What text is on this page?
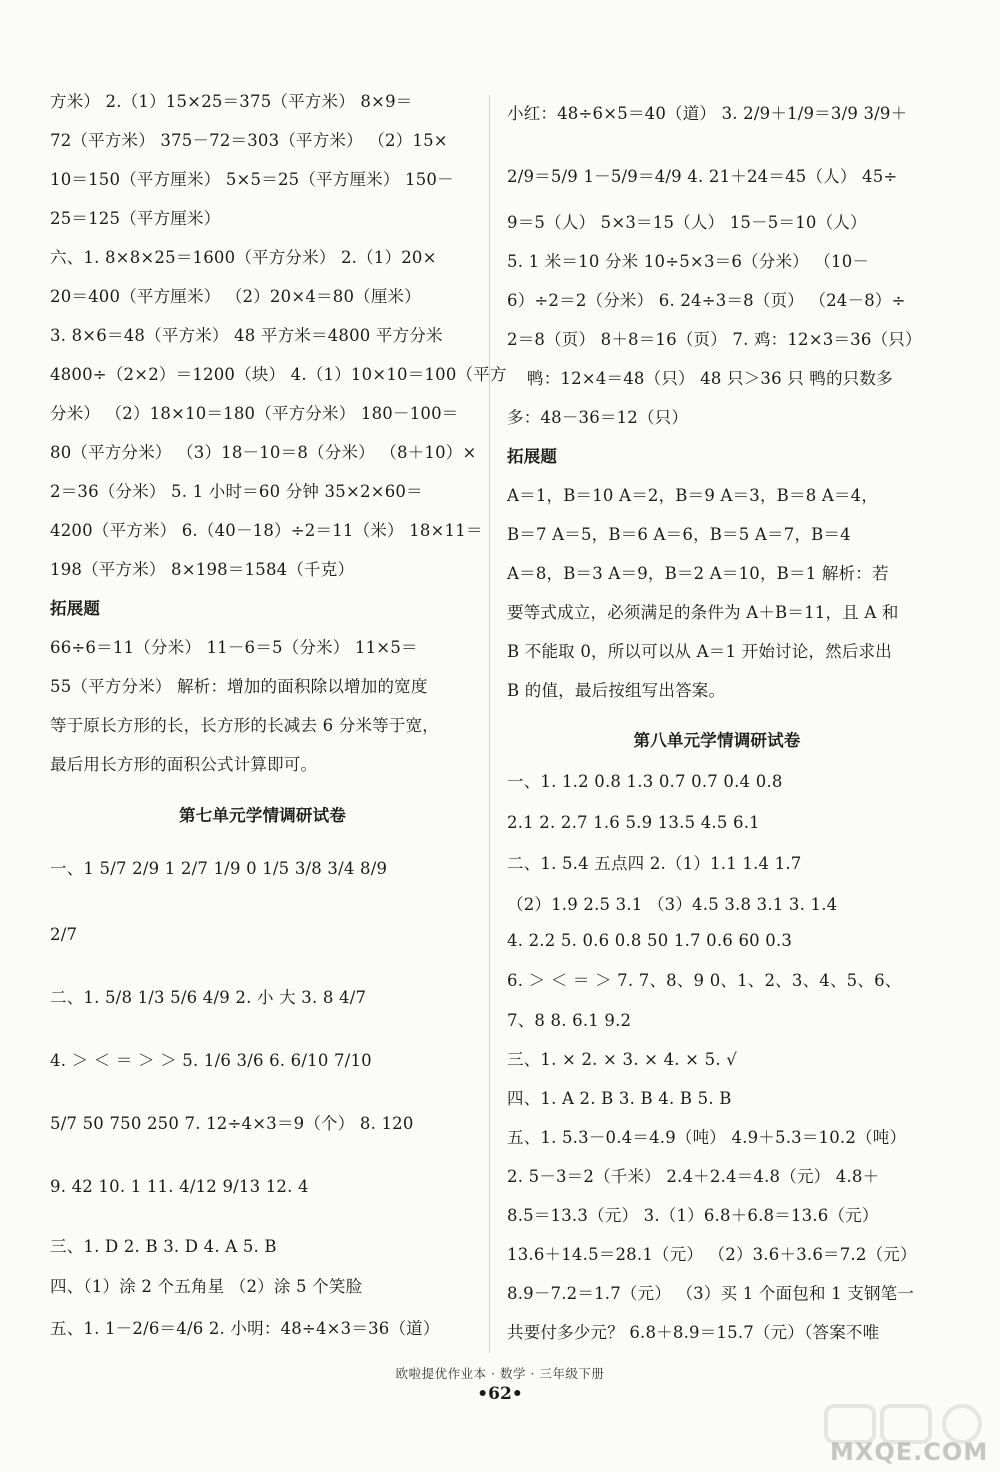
方米） 2.（1）15×25＝375（平方米） 8×9＝
72（平方米） 375－72＝303（平方米） （2）15×
10＝150（平方厘米） 5×5＝25（平方厘米） 150－
25＝125（平方厘米）
六、1. 8×8×25＝1600（平方分米） 2.（1）20×
20＝400（平方厘米） （2）20×4＝80（厘米）
3. 8×6＝48（平方米） 48 平方米＝4800 平方分米
4800÷（2×2）＝1200（块） 4.（1）10×10＝100（平方
分米） （2）18×10＝180（平方分米） 180－100＝
80（平方分米） （3）18－10＝8（分米） （8＋10）×
2＝36（分米） 5. 1 小时＝60 分钟 35×2×60＝
4200（平方米） 6.（40－18）÷2＝11（米） 18×11＝
198（平方米） 8×198＝1584（千克）
拓展题
66÷6＝11（分米） 11－6＝5（分米） 11×5＝
55（平方分米） 解析：增加的面积除以增加的宽度
等于原长方形的长，长方形的长减去 6 分米等于宽，
最后用长方形的面积公式计算即可。
第七单元学情调研试卷
一、1 5/7 2/9 1 2/7 1/9 0 1/5 3/8 3/4 8/9
2/7
二、1. 5/8 1/3 5/6 4/9 2. 小 大 3. 8 4/7
4. ＞ ＜ ＝ ＞ ＞ 5. 1/6 3/6 6. 6/10 7/10
5/7 50 750 250 7. 12÷4×3＝9（个） 8. 120
9. 42 10. 1 11. 4/12 9/13 12. 4
三、1. D 2. B 3. D 4. A 5. B
四、（1）涂 2 个五角星 （2）涂 5 个笑脸
五、1. 1－2/6＝4/6 2. 小明：48÷4×3＝36（道）
小红：48÷6×5＝40（道） 3. 2/9＋1/9＝3/9 3/9＋
2/9＝5/9 1－5/9＝4/9 4. 21＋24＝45（人） 45÷
9＝5（人） 5×3＝15（人） 15－5＝10（人）
5. 1 米＝10 分米 10÷5×3＝6（分米） （10－
6）÷2＝2（分米） 6. 24÷3＝8（页） （24－8）÷
2＝8（页） 8＋8＝16（页） 7. 鸡：12×3＝36（只）
鸭：12×4＝48（只） 48 只＞36 只 鸭的只数多
多：48－36＝12（只）
拓展题
A＝1，B＝10 A＝2，B＝9 A＝3，B＝8 A＝4，
B＝7 A＝5，B＝6 A＝6，B＝5 A＝7，B＝4
A＝8，B＝3 A＝9，B＝2 A＝10，B＝1 解析：若
要等式成立，必须满足的条件为 A＋B＝11，且 A 和
B 不能取 0，所以可以从 A＝1 开始讨论，然后求出
B 的值，最后按组写出答案。
第八单元学情调研试卷
一、1. 1.2 0.8 1.3 0.7 0.7 0.4 0.8
2.1 2. 2.7 1.6 5.9 13.5 4.5 6.1
二、1. 5.4 五点四 2.（1）1.1 1.4 1.7
（2）1.9 2.5 3.1 （3）4.5 3.8 3.1 3. 1.4
4. 2.2 5. 0.6 0.8 50 1.7 0.6 60 0.3
6. ＞ ＜ ＝ ＞ 7. 7、8、9 0、1、2、3、4、5、6、
7、8 8. 6.1 9.2
三、1. × 2. × 3. × 4. × 5. √
四、1. A 2. B 3. B 4. B 5. B
五、1. 5.3－0.4＝4.9（吨） 4.9＋5.3＝10.2（吨）
2. 5－3＝2（千米） 2.4＋2.4＝4.8（元） 4.8＋
8.5＝13.3（元） 3.（1）6.8＋6.8＝13.6（元）
13.6＋14.5＝28.1（元） （2）3.6＋3.6＝7.2（元）
8.9－7.2＝1.7（元） （3）买 1 个面包和 1 支钢笔一
共要付多少元？ 6.8＋8.9＝15.7（元）（答案不唯
欧啦提优作业本 · 数学 · 三年级下册
•62•
MXQE.COM
